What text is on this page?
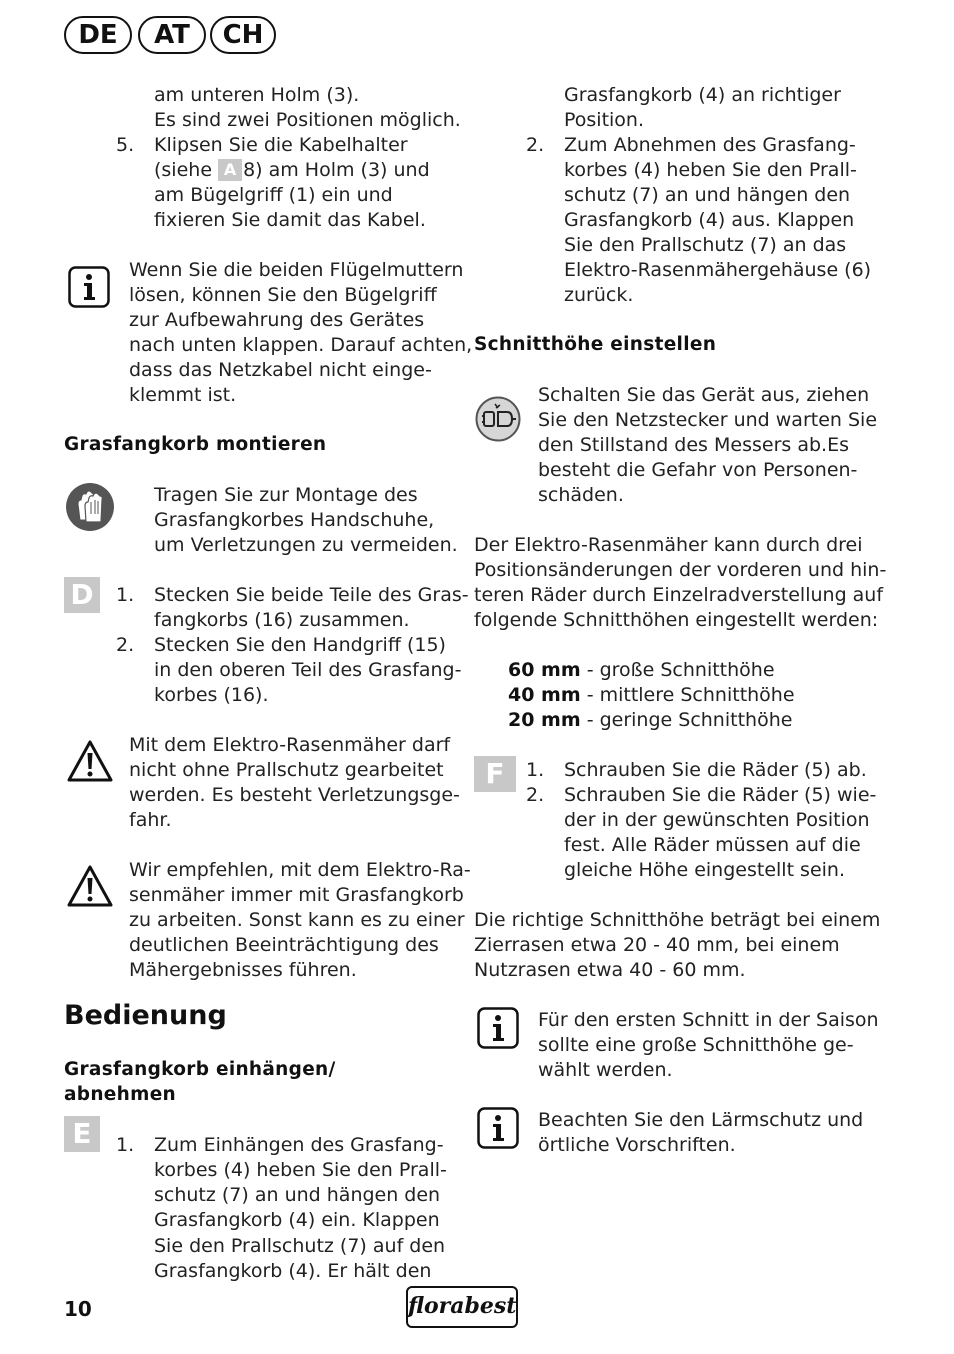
DE	AT	CH
am unteren Holm (3).
Es sind zwei Positionen möglich.
5. Klipsen Sie die Kabelhalter
(siehe A 8) am Holm (3) und
am Bügelgriff (1) ein und
fixieren Sie damit das Kabel.
Wenn Sie die beiden Flügelmuttern
lösen, können Sie den Bügelgriff
zur Aufbewahrung des Gerätes
nach unten klappen. Darauf achten,
dass das Netzkabel nicht einge-
klemmt ist.
Grasfangkorb montieren
Tragen Sie zur Montage des
Grasfangkorbes Handschuhe,
um Verletzungen zu vermeiden.
D	1. Stecken Sie beide Teile des Gras-
fangkorbs (16) zusammen.
2. Stecken Sie den Handgriff (15)
in den oberen Teil des Grasfang-
korbes (16).
Mit dem Elektro-Rasenmäher darf
nicht ohne Prallschutz gearbeitet
werden. Es besteht Verletzungsge-
fahr.
Wir empfehlen, mit dem Elektro-Ra-
senmäher immer mit Grasfangkorb
zu arbeiten. Sonst kann es zu einer
deutlichen Beeinträchtigung des
Mähergebnisses führen.
Bedienung
Grasfangkorb einhängen/
abnehmen
E	1. Zum Einhängen des Grasfang-
korbes (4) heben Sie den Prall-
schutz (7) an und hängen den
Grasfangkorb (4) ein. Klappen
Sie den Prallschutz (7) auf den
Grasfangkorb (4). Er hält den
Grasfangkorb (4) an richtiger
Position.
2. Zum Abnehmen des Grasfang-
korbes (4) heben Sie den Prall-
schutz (7) an und hängen den
Grasfangkorb (4) aus. Klappen
Sie den Prallschutz (7) an das
Elektro-Rasenmähergehäuse (6)
zurück.
Schnitthöhe einstellen
Schalten Sie das Gerät aus, ziehen
Sie den Netzstecker und warten Sie
den Stillstand des Messers ab.Es
besteht die Gefahr von Personen-
schäden.
Der Elektro-Rasenmäher kann durch drei
Positionsänderungen der vorderen und hin-
teren Räder durch Einzelradverstellung auf
folgende Schnitthöhen eingestellt werden:
60 mm - große Schnitthöhe
40 mm - mittlere Schnitthöhe
20 mm - geringe Schnitthöhe
F	1. Schrauben Sie die Räder (5) ab.
2. Schrauben Sie die Räder (5) wie-
der in der gewünschten Position
fest. Alle Räder müssen auf die
gleiche Höhe eingestellt sein.
Die richtige Schnitthöhe beträgt bei einem
Zierrasen etwa 20 - 40 mm, bei einem
Nutzrasen etwa 40 - 60 mm.
Für den ersten Schnitt in der Saison
sollte eine große Schnitthöhe ge-
wählt werden.
Beachten Sie den Lärmschutz und
örtliche Vorschriften.
10	florabest
